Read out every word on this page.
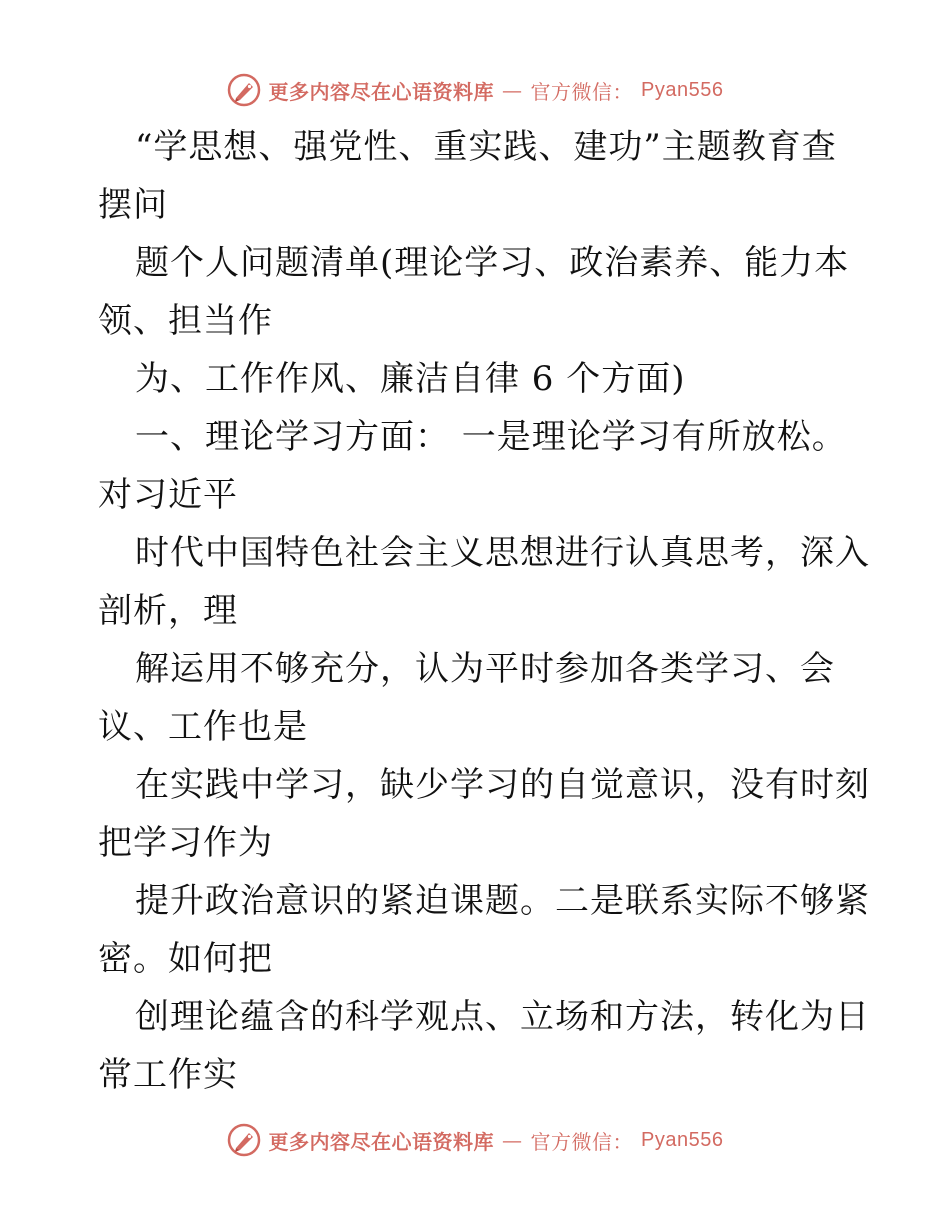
更多内容尽在心语资料库 — 官方微信： Pyan556
“学思想、强党性、重实践、建功”主题教育查
摆问
题个人问题清单(理论学习、政治素养、能力本
领、担当作
为、工作作风、廉洁自律 6 个方面)
一、理论学习方面： 一是理论学习有所放松。
对习近平
时代中国特色社会主义思想进行认真思考，深入
剖析，理
解运用不够充分，认为平时参加各类学习、会
议、工作也是
在实践中学习，缺少学习的自觉意识，没有时刻
把学习作为
提升政治意识的紧迫课题。二是联系实际不够紧
密。如何把
创理论蕴含的科学观点、立场和方法，转化为日
常工作实
更多内容尽在心语资料库 — 官方微信： Pyan556
